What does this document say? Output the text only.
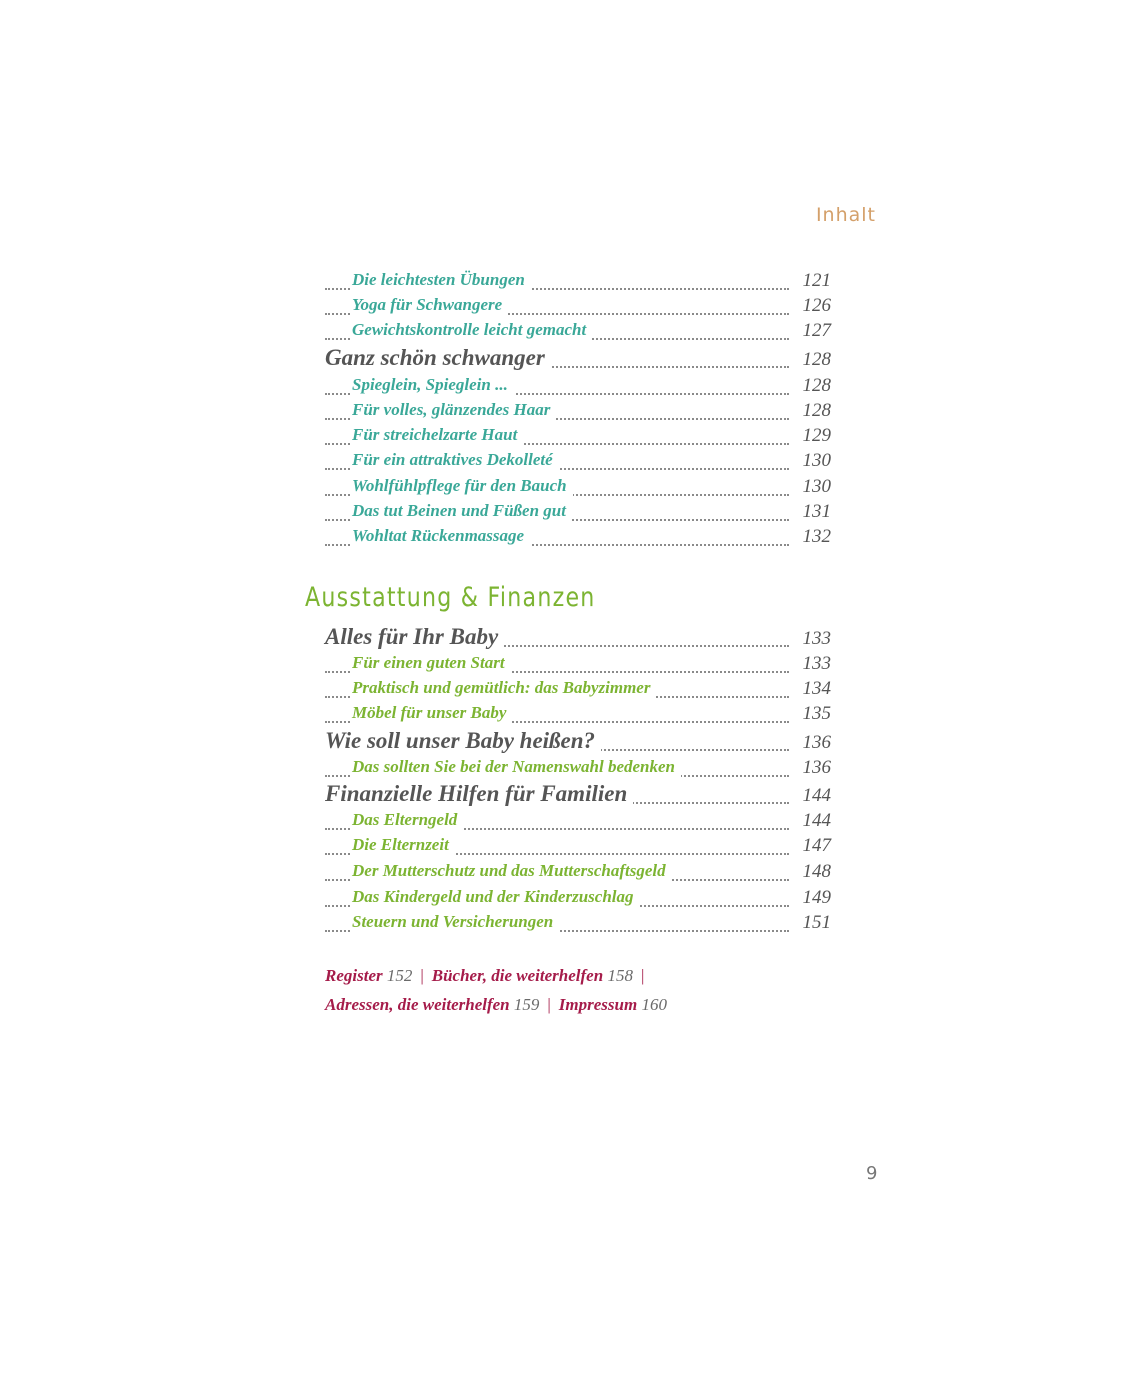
Inhalt
Die leichtesten Übungen	121
Yoga für Schwangere	126
Gewichtskontrolle leicht gemacht	127
Ganz schön schwanger	128
Spieglein, Spieglein ...	128
Für volles, glänzendes Haar	128
Für streichelzarte Haut	129
Für ein attraktives Dekolleté	130
Wohlfühlpflege für den Bauch	130
Das tut Beinen und Füßen gut	131
Wohltat Rückenmassage	132
Ausstattung & Finanzen
Alles für Ihr Baby	133
Für einen guten Start	133
Praktisch und gemütlich: das Babyzimmer	134
Möbel für unser Baby	135
Wie soll unser Baby heißen?	136
Das sollten Sie bei der Namenswahl bedenken	136
Finanzielle Hilfen für Familien	144
Das Elterngeld	144
Die Elternzeit	147
Der Mutterschutz und das Mutterschaftsgeld	148
Das Kindergeld und der Kinderzuschlag	149
Steuern und Versicherungen	151
Register 152 | Bücher, die weiterhelfen 158 |
Adressen, die weiterhelfen 159 | Impressum 160
9
